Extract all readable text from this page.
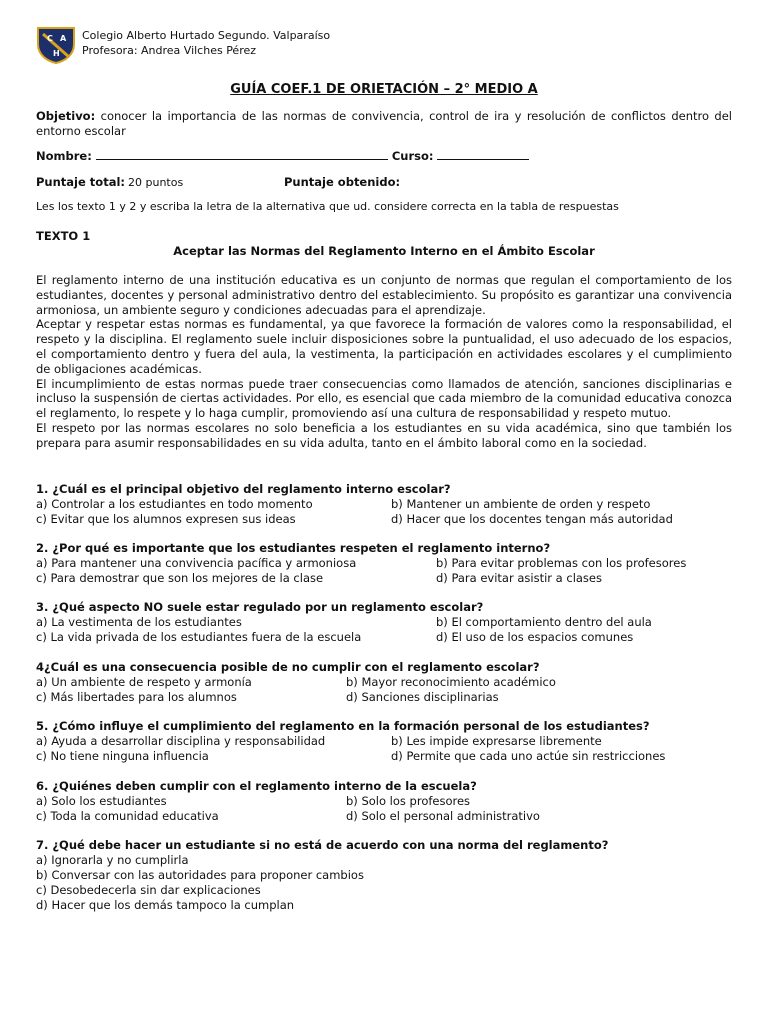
C A
H
Colegio Alberto Hurtado Segundo. Valparaíso
Profesora: Andrea Vilches Pérez
GUÍA COEF.1 DE ORIETACIÓN – 2° MEDIO A
Objetivo: conocer la importancia de las normas de convivencia, control de ira y resolución de conflictos dentro del entorno escolar
Nombre:	Curso:
Puntaje total: 20 puntos	Puntaje obtenido:
Les los texto 1 y 2 y escriba la letra de la alternativa que ud. considere correcta en la tabla de respuestas
TEXTO 1
Aceptar las Normas del Reglamento Interno en el Ámbito Escolar
El reglamento interno de una institución educativa es un conjunto de normas que regulan el comportamiento de los estudiantes, docentes y personal administrativo dentro del establecimiento. Su propósito es garantizar una convivencia armoniosa, un ambiente seguro y condiciones adecuadas para el aprendizaje.
Aceptar y respetar estas normas es fundamental, ya que favorece la formación de valores como la responsabilidad, el respeto y la disciplina. El reglamento suele incluir disposiciones sobre la puntualidad, el uso adecuado de los espacios, el comportamiento dentro y fuera del aula, la vestimenta, la participación en actividades escolares y el cumplimiento de obligaciones académicas.
El incumplimiento de estas normas puede traer consecuencias como llamados de atención, sanciones disciplinarias e incluso la suspensión de ciertas actividades. Por ello, es esencial que cada miembro de la comunidad educativa conozca el reglamento, lo respete y lo haga cumplir, promoviendo así una cultura de responsabilidad y respeto mutuo.
El respeto por las normas escolares no solo beneficia a los estudiantes en su vida académica, sino que también los prepara para asumir responsabilidades en su vida adulta, tanto en el ámbito laboral como en la sociedad.
1. ¿Cuál es el principal objetivo del reglamento interno escolar?
a) Controlar a los estudiantes en todo momento	b) Mantener un ambiente de orden y respeto
c) Evitar que los alumnos expresen sus ideas	d) Hacer que los docentes tengan más autoridad
2. ¿Por qué es importante que los estudiantes respeten el reglamento interno?
a) Para mantener una convivencia pacífica y armoniosa	b) Para evitar problemas con los profesores
c) Para demostrar que son los mejores de la clase	d) Para evitar asistir a clases
3. ¿Qué aspecto NO suele estar regulado por un reglamento escolar?
a) La vestimenta de los estudiantes	b) El comportamiento dentro del aula
c) La vida privada de los estudiantes fuera de la escuela	d) El uso de los espacios comunes
4¿Cuál es una consecuencia posible de no cumplir con el reglamento escolar?
a) Un ambiente de respeto y armonía	b) Mayor reconocimiento académico
c) Más libertades para los alumnos	d) Sanciones disciplinarias
5. ¿Cómo influye el cumplimiento del reglamento en la formación personal de los estudiantes?
a) Ayuda a desarrollar disciplina y responsabilidad	b) Les impide expresarse libremente
c) No tiene ninguna influencia	d) Permite que cada uno actúe sin restricciones
6. ¿Quiénes deben cumplir con el reglamento interno de la escuela?
a) Solo los estudiantes	b) Solo los profesores
c) Toda la comunidad educativa	d) Solo el personal administrativo
7. ¿Qué debe hacer un estudiante si no está de acuerdo con una norma del reglamento?
a) Ignorarla y no cumplirla
b) Conversar con las autoridades para proponer cambios
c) Desobedecerla sin dar explicaciones
d) Hacer que los demás tampoco la cumplan
